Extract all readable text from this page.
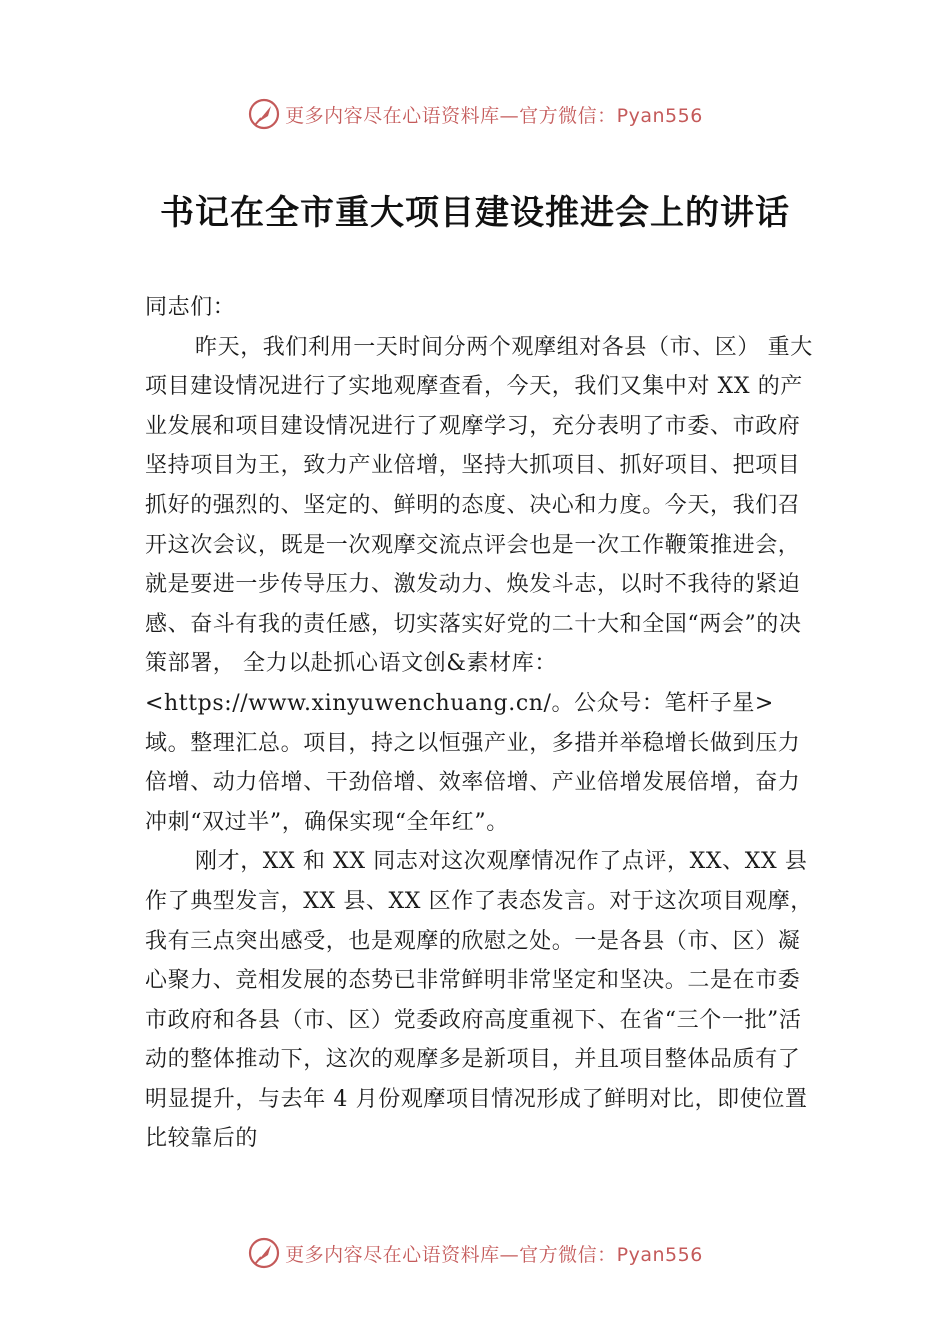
更多内容尽在心语资料库—官方微信：Pyan556
书记在全市重大项目建设推进会上的讲话

同志们：

昨天，我们利用一天时间分两个观摩组对各县（市、区） 重大项目建设情况进行了实地观摩查看，今天，我们又集中对 XX 的产业发展和项目建设情况进行了观摩学习，充分表明了市委、市政府坚持项目为王，致力产业倍增，坚持大抓项目、抓好项目、把项目抓好的强烈的、坚定的、鲜明的态度、决心和力度。今天，我们召开这次会议，既是一次观摩交流点评会也是一次工作鞭策推进会，就是要进一步传导压力、激发动力、焕发斗志，以时不我待的紧迫感、奋斗有我的责任感，切实落实好党的二十大和全国“两会”的决策部署， 全力以赴抓心语文创&素材库：<https://www.xinyuwenchuang.cn/。公众号：笔杆子星>域。整理汇总。项目，持之以恒强产业，多措并举稳增长做到压力倍增、动力倍增、干劲倍增、效率倍增、产业倍增发展倍增，奋力冲刺“双过半”，确保实现“全年红”。

刚才，XX 和 XX 同志对这次观摩情况作了点评，XX、XX 县作了典型发言，XX 县、XX 区作了表态发言。对于这次项目观摩，我有三点突出感受，也是观摩的欣慰之处。一是各县（市、区）凝心聚力、竞相发展的态势已非常鲜明非常坚定和坚决。二是在市委市政府和各县（市、区）党委政府高度重视下、在省“三个一批”活动的整体推动下，这次的观摩多是新项目，并且项目整体品质有了明显提升，与去年 4 月份观摩项目情况形成了鲜明对比，即使位置比较靠后的

更多内容尽在心语资料库—官方微信：Pyan556
